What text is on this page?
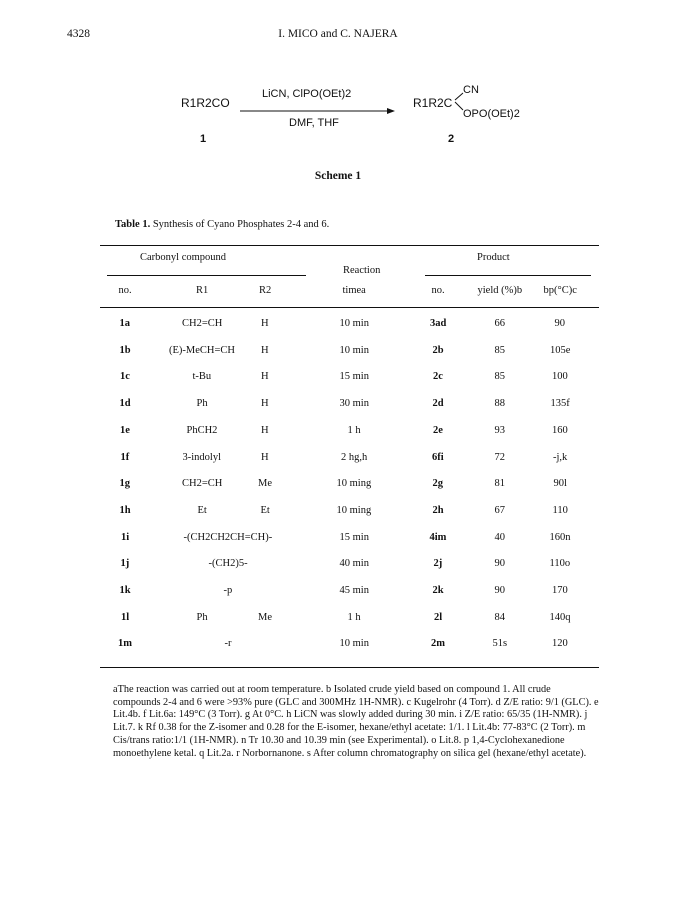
4328	I. MICO and C. NAJERA
R1R2CO
1
LiCN, ClPO(OEt)2
DMF, THF
R1R2C
CN
OPO(OEt)2
2
Scheme 1
Table 1. Synthesis of Cyano Phosphates 2-4 and 6.
Carbonyl compound
Reaction
Product
no.	R1	R2	timea	no.	yield (%)b bp(°C)c
1a	CH2=CH	H	10 min	3ad	66	90
1b	(E)-MeCH=CH H	10 min	2b	85	105e
1c	t-Bu	H	15 min	2c	85	100
1d	Ph	H	30 min	2d	88	135f
1e	PhCH2	H	1 h	2e	93	160
1f	3-indolyl	H	2 hg,h	6fi	72	-j,k
1g	CH2=CH	Me	10 ming	2g	81	90l
1h	Et	Et	10 ming	2h	67	110
1i	-(CH2CH2CH=CH)-	15 min	4im	40	160n
1j	-(CH2)5-	40 min	2j	90	110o
1k	-p	45 min	2k	90	170
1l	Ph	Me	1 h	2l	84	140q
1m	-r	10 min	2m	51s	120
aThe reaction was carried out at room temperature. b Isolated crude yield based on compound 1. All crude compounds 2-4 and 6 were >93% pure (GLC and 300MHz 1H-NMR). c Kugelrohr (4 Torr). d Z/E ratio: 9/1 (GLC). e Lit.4b. f Lit.6a: 149°C (3 Torr). g At 0°C. h LiCN was slowly added during 30 min. i Z/E ratio: 65/35 (1H-NMR). j Lit.7. k Rf 0.38 for the Z-isomer and 0.28 for the E-isomer, hexane/ethyl acetate: 1/1. l Lit.4b: 77-83°C (2 Torr). m Cis/trans ratio:1/1 (1H-NMR). n Tr 10.30 and 10.39 min (see Experimental). o Lit.8. p 1,4-Cyclohexanedione monoethylene ketal. q Lit.2a. r Norbornanone. s After column chromatography on silica gel (hexane/ethyl acetate).
